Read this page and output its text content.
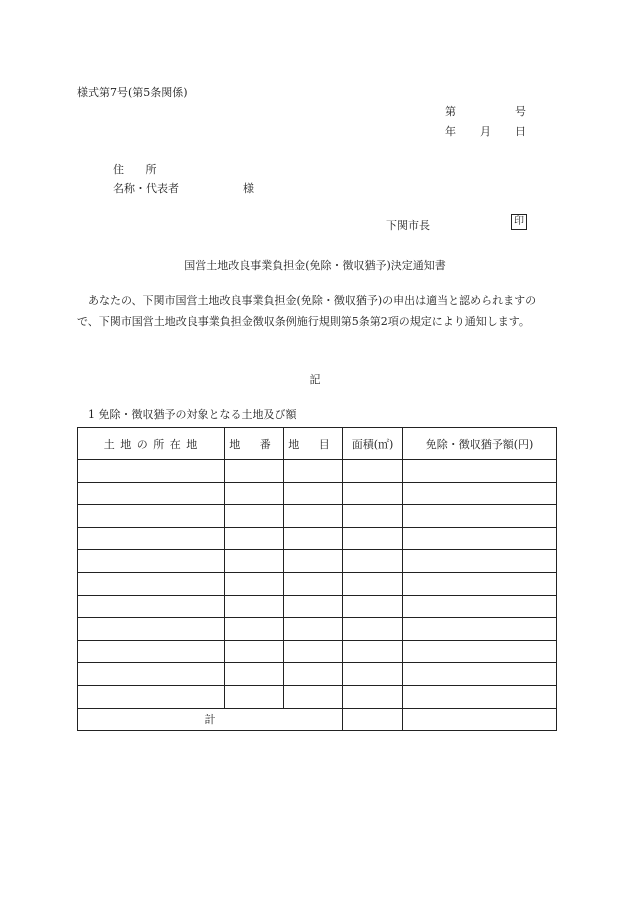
様式第7号(第5条関係)
第	号
年 月 日
住 所
名称・代表者	様
下関市長	印
国営土地改良事業負担金(免除・徴収猶予)決定通知書
あなたの、下関市国営土地改良事業負担金(免除・徴収猶予)の申出は適当と認められますので、下関市国営土地改良事業負担金徴収条例施行規則第5条第2項の規定により通知します。
記
1 免除・徴収猶予の対象となる土地及び額
土 地 の 所 在 地	地 番	地 目	面積(㎡)	免除・徴収猶予額(円)

計				
